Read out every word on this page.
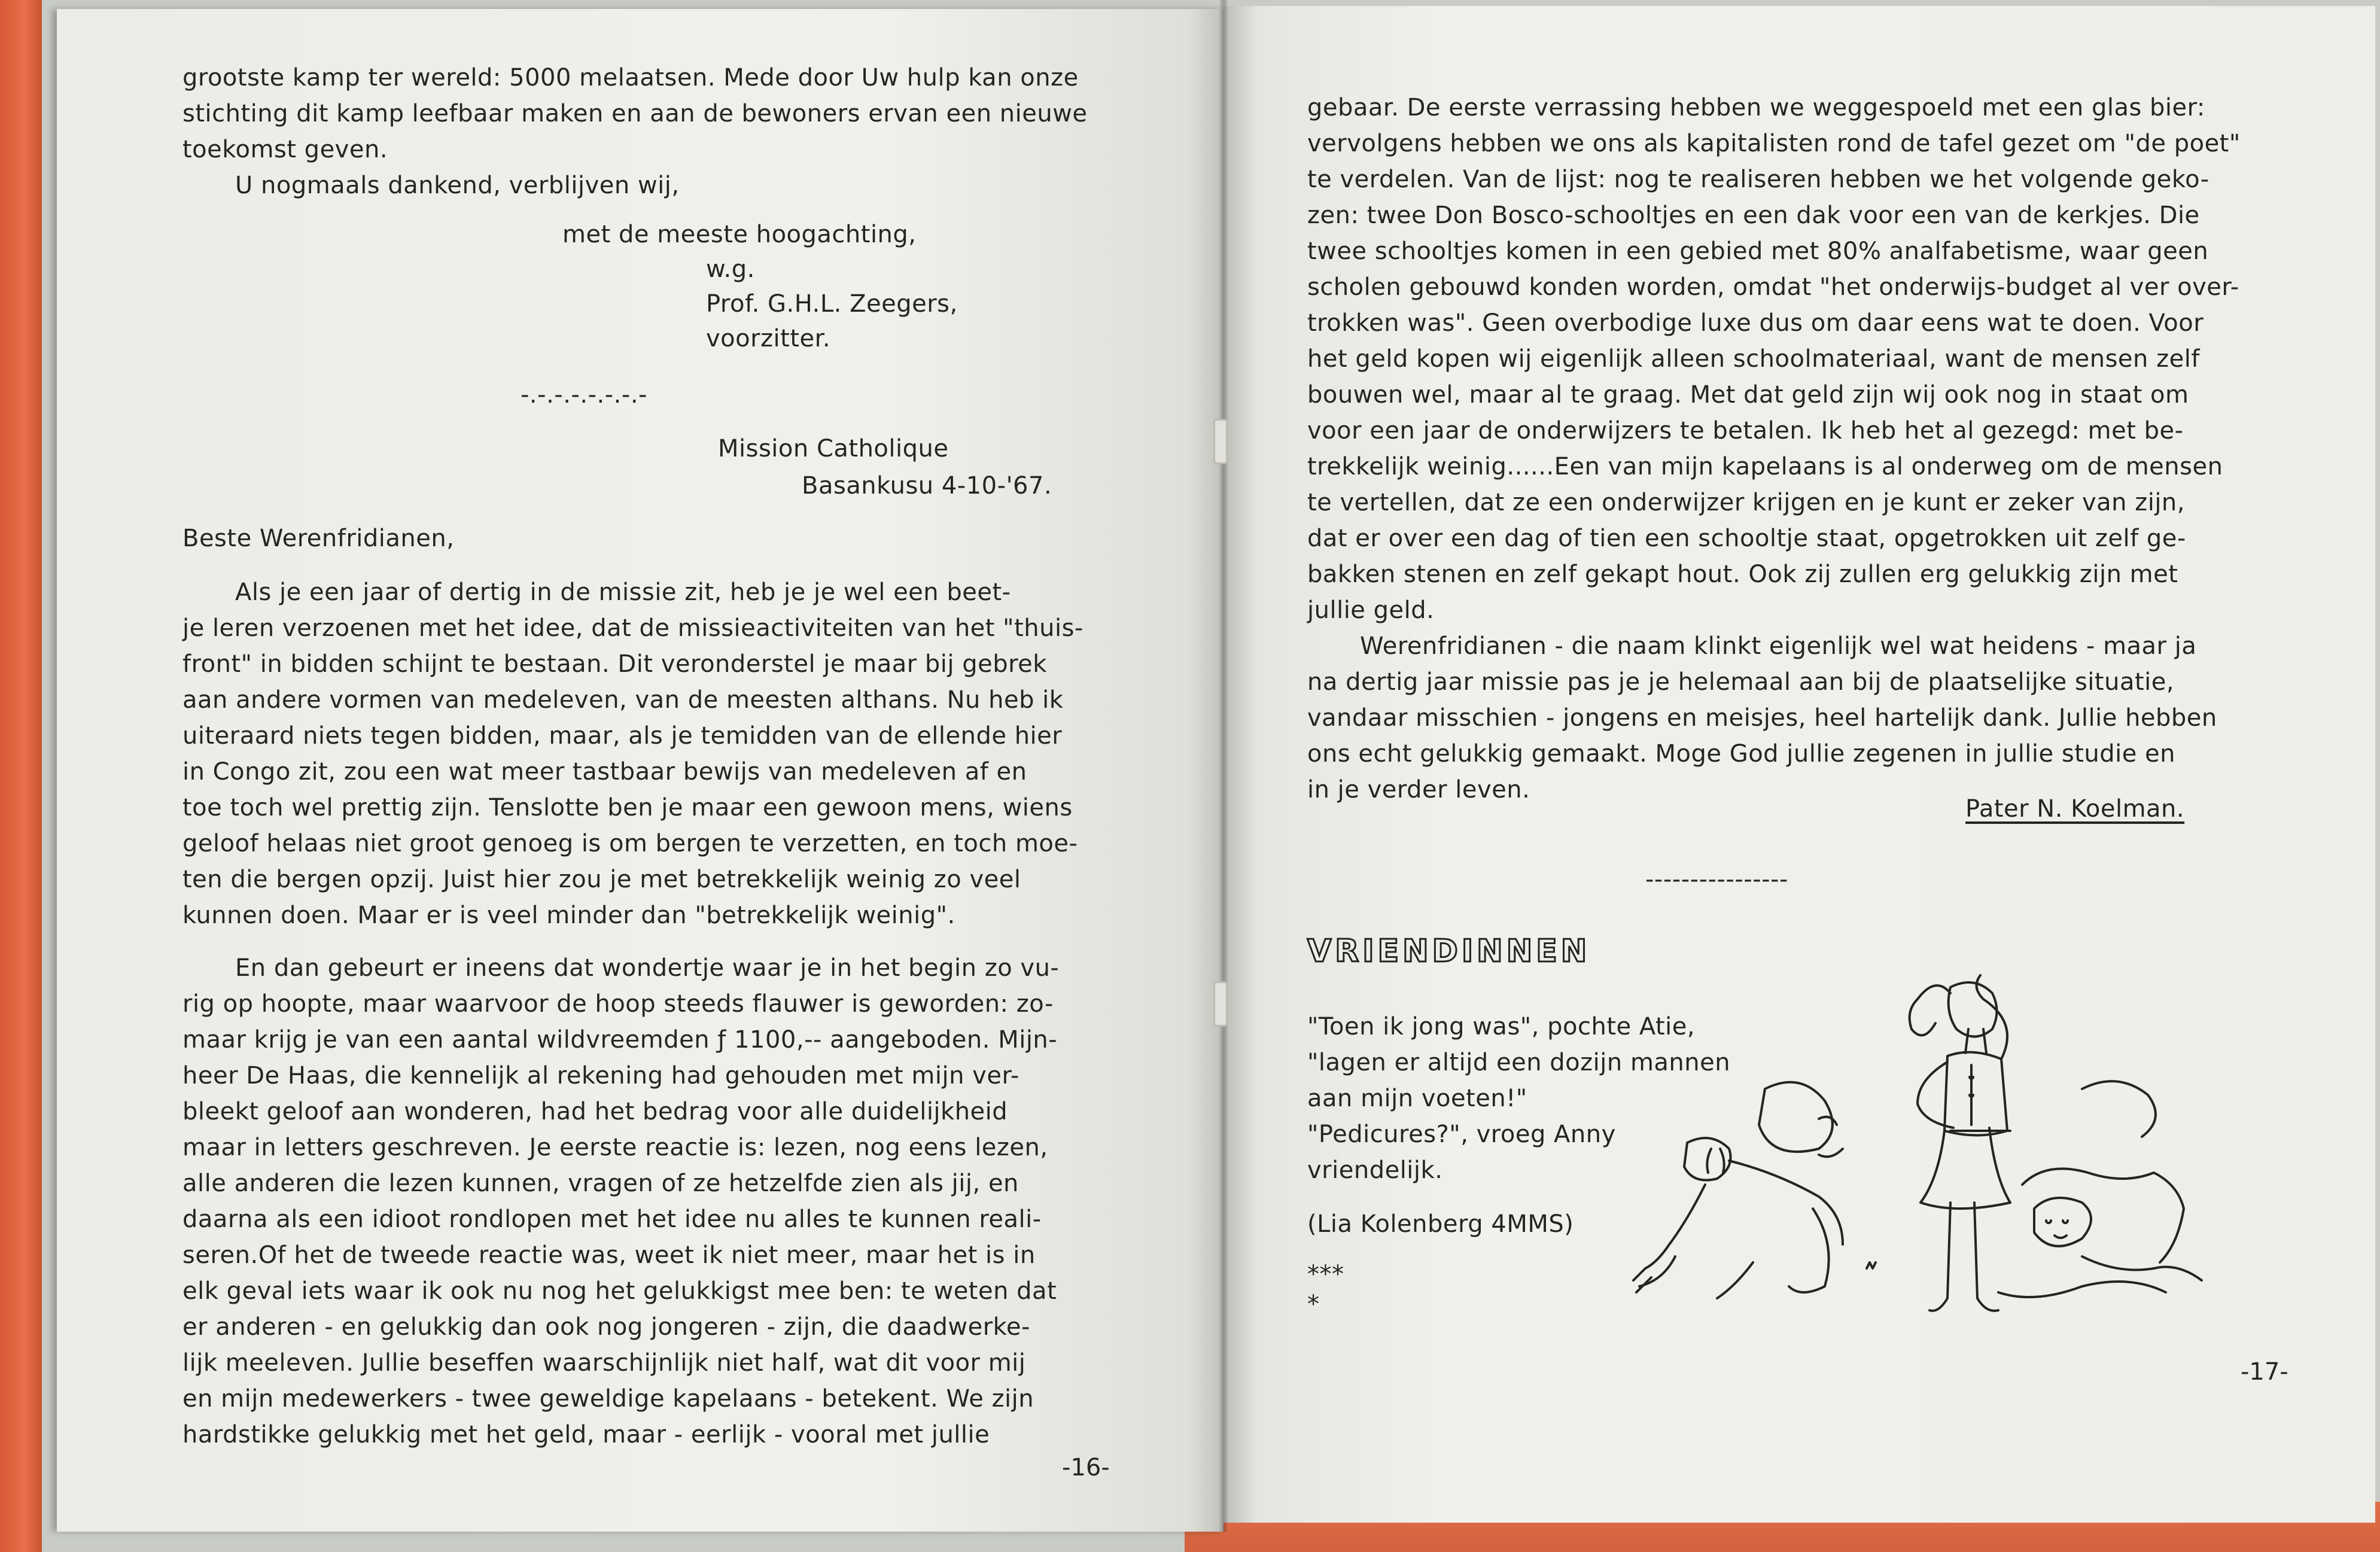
grootste kamp ter wereld: 5000 melaatsen. Mede door Uw hulp kan onze
stichting dit kamp leefbaar maken en aan de bewoners ervan een nieuwe
toekomst geven.
U nogmaals dankend, verblijven wij,
met de meeste hoogachting,
w.g.
Prof. G.H.L. Zeegers,
voorzitter.
-.-.-.-.-.-.-.-
Mission Catholique
Basankusu 4-10-'67.
Beste Werenfridianen,
Als je een jaar of dertig in de missie zit, heb je je wel een beet-
je leren verzoenen met het idee, dat de missieactiviteiten van het "thuis-
front" in bidden schijnt te bestaan. Dit veronderstel je maar bij gebrek
aan andere vormen van medeleven, van de meesten althans. Nu heb ik
uiteraard niets tegen bidden, maar, als je temidden van de ellende hier
in Congo zit, zou een wat meer tastbaar bewijs van medeleven af en
toe toch wel prettig zijn. Tenslotte ben je maar een gewoon mens, wiens
geloof helaas niet groot genoeg is om bergen te verzetten, en toch moe-
ten die bergen opzij. Juist hier zou je met betrekkelijk weinig zo veel
kunnen doen. Maar er is veel minder dan "betrekkelijk weinig".
En dan gebeurt er ineens dat wondertje waar je in het begin zo vu-
rig op hoopte, maar waarvoor de hoop steeds flauwer is geworden: zo-
maar krijg je van een aantal wildvreemden ƒ 1100,-- aangeboden. Mijn-
heer De Haas, die kennelijk al rekening had gehouden met mijn ver-
bleekt geloof aan wonderen, had het bedrag voor alle duidelijkheid
maar in letters geschreven. Je eerste reactie is: lezen, nog eens lezen,
alle anderen die lezen kunnen, vragen of ze hetzelfde zien als jij, en
daarna als een idioot rondlopen met het idee nu alles te kunnen reali-
seren.Of het de tweede reactie was, weet ik niet meer, maar het is in
elk geval iets waar ik ook nu nog het gelukkigst mee ben: te weten dat
er anderen - en gelukkig dan ook nog jongeren - zijn, die daadwerke-
lijk meeleven. Jullie beseffen waarschijnlijk niet half, wat dit voor mij
en mijn medewerkers - twee geweldige kapelaans - betekent. We zijn
hardstikke gelukkig met het geld, maar - eerlijk - vooral met jullie
-16-
gebaar. De eerste verrassing hebben we weggespoeld met een glas bier:
vervolgens hebben we ons als kapitalisten rond de tafel gezet om "de poet"
te verdelen. Van de lijst: nog te realiseren hebben we het volgende geko-
zen: twee Don Bosco-schooltjes en een dak voor een van de kerkjes. Die
twee schooltjes komen in een gebied met 80% analfabetisme, waar geen
scholen gebouwd konden worden, omdat "het onderwijs-budget al ver over-
trokken was". Geen overbodige luxe dus om daar eens wat te doen. Voor
het geld kopen wij eigenlijk alleen schoolmateriaal, want de mensen zelf
bouwen wel, maar al te graag. Met dat geld zijn wij ook nog in staat om
voor een jaar de onderwijzers te betalen. Ik heb het al gezegd: met be-
trekkelijk weinig......Een van mijn kapelaans is al onderweg om de mensen
te vertellen, dat ze een onderwijzer krijgen en je kunt er zeker van zijn,
dat er over een dag of tien een schooltje staat, opgetrokken uit zelf ge-
bakken stenen en zelf gekapt hout. Ook zij zullen erg gelukkig zijn met
jullie geld.
Werenfridianen - die naam klinkt eigenlijk wel wat heidens - maar ja
na dertig jaar missie pas je je helemaal aan bij de plaatselijke situatie,
vandaar misschien - jongens en meisjes, heel hartelijk dank. Jullie hebben
ons echt gelukkig gemaakt. Moge God jullie zegenen in jullie studie en
in je verder leven.
Pater N. Koelman.
----------------
VRIENDINNEN
"Toen ik jong was", pochte Atie,
"lagen er altijd een dozijn mannen
aan mijn voeten!"
"Pedicures?", vroeg Anny
vriendelijk.
(Lia Kolenberg 4MMS)
***
*
-17-
